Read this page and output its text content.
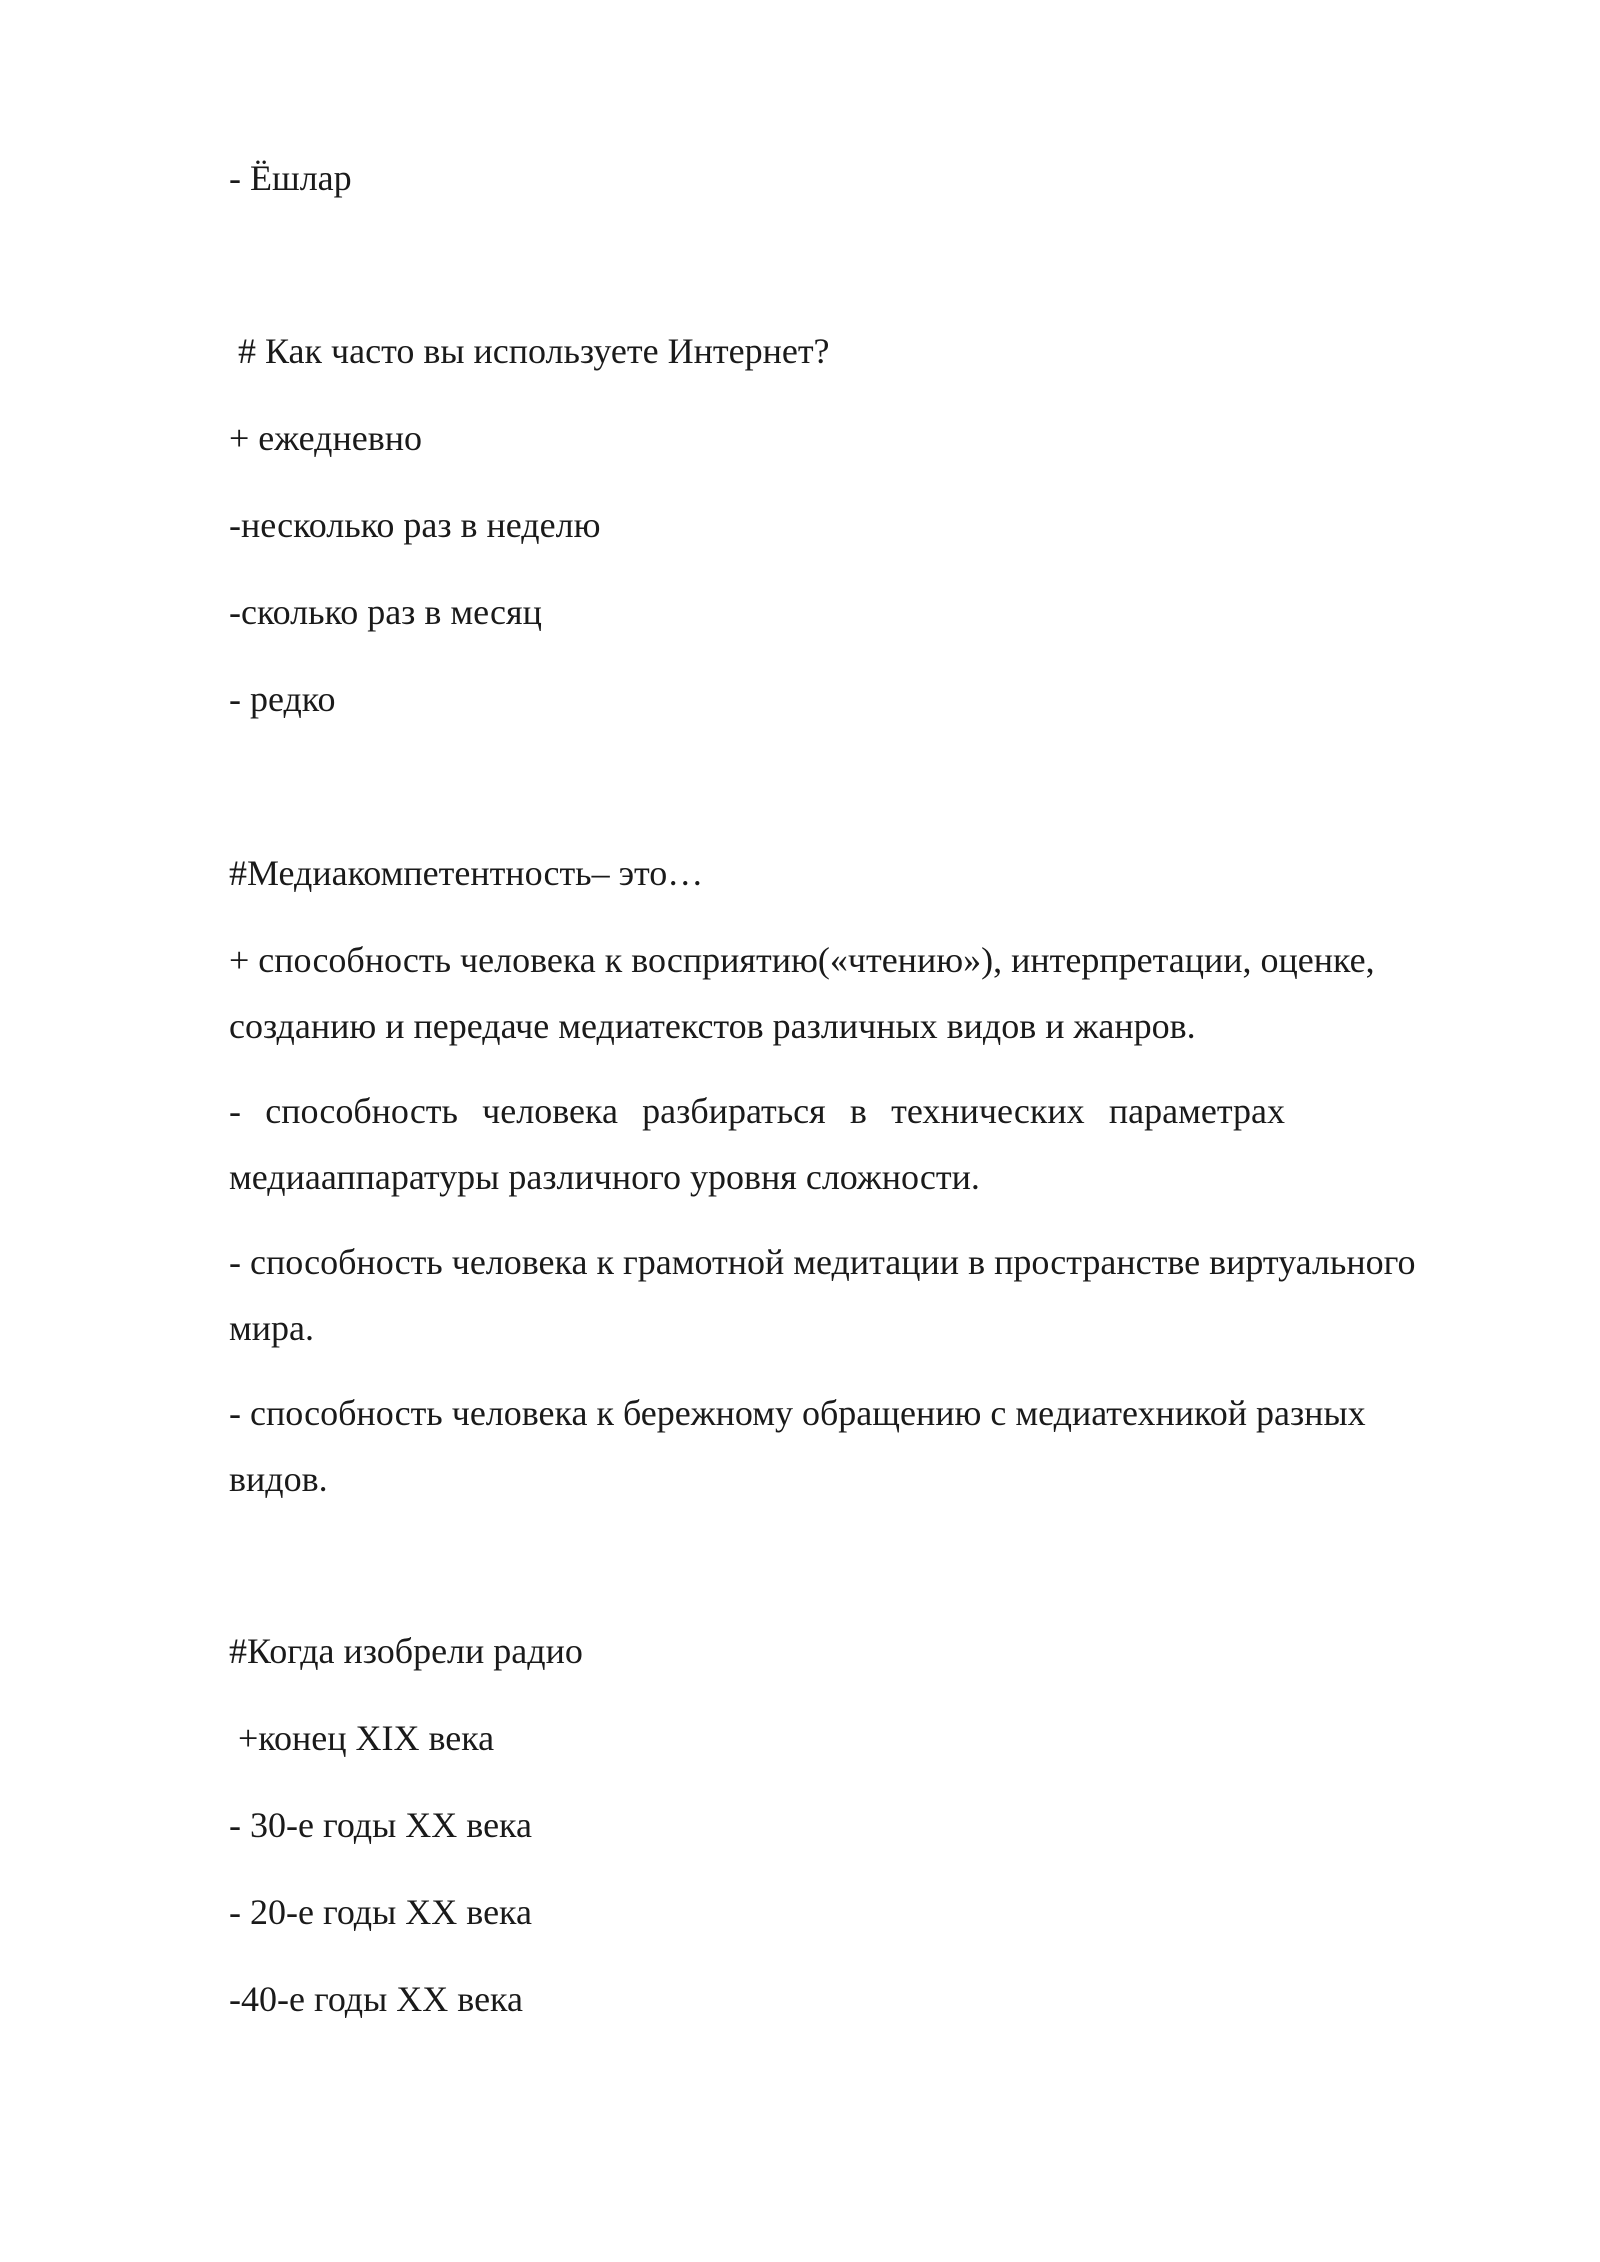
- Ёшлар
# Как часто вы используете Интернет?
+ ежедневно
-несколько раз в неделю
-сколько раз в месяц
- редко
#Медиакомпетентность– это…
+ способность человека к восприятию(«чтению»), интерпретации, оценке,
созданию и передаче медиатекстов различных видов и жанров.
- способность человека разбираться в технических параметрах
медиааппаратуры различного уровня сложности.
- способность человека к грамотной медитации в пространстве виртуального
мира.
- способность человека к бережному обращению с медиатехникой разных
видов.
#Когда изобрели радио
+конец XIX века
- 30-е годы XX века
- 20-е годы XX века
-40-е годы XX века
